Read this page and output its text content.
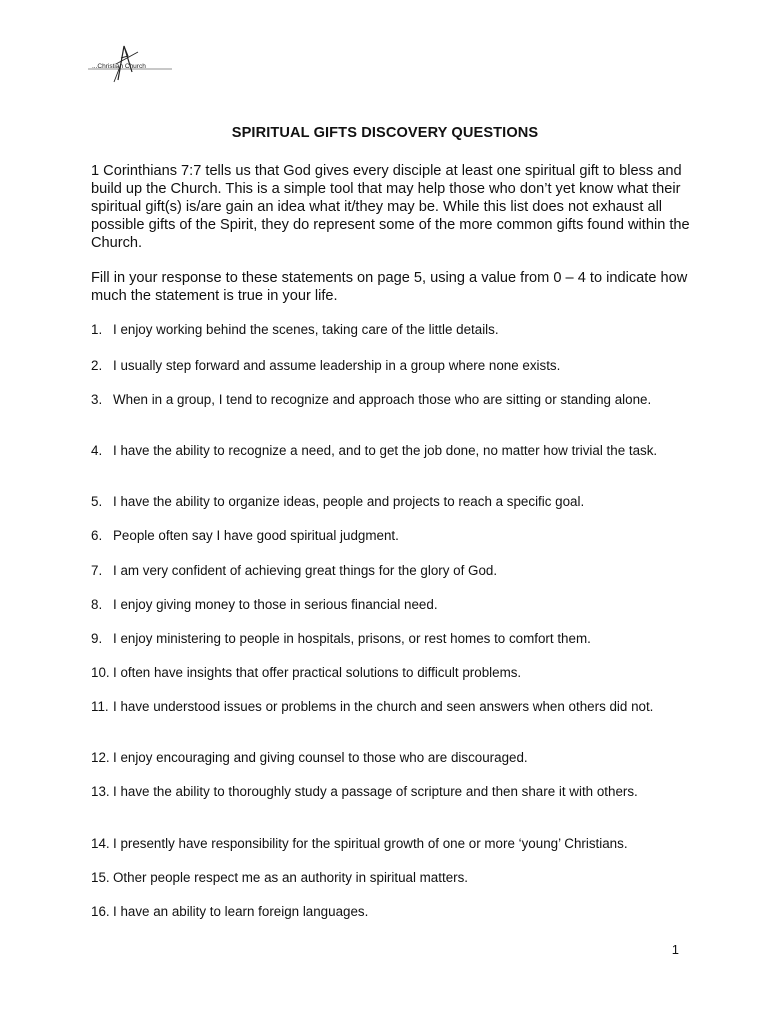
...Christian Church
SPIRITUAL GIFTS DISCOVERY QUESTIONS

1 Corinthians 7:7 tells us that God gives every disciple at least one spiritual gift to bless and build up the Church. This is a simple tool that may help those who don’t yet know what their spiritual gift(s) is/are gain an idea what it/they may be. While this list does not exhaust all possible gifts of the Spirit, they do represent some of the more common gifts found within the Church.

Fill in your response to these statements on page 5, using a value from 0 – 4 to indicate how much the statement is true in your life.

1. I enjoy working behind the scenes, taking care of the little details.
2. I usually step forward and assume leadership in a group where none exists.
3. When in a group, I tend to recognize and approach those who are sitting or standing alone.
4. I have the ability to recognize a need, and to get the job done, no matter how trivial the task.
5. I have the ability to organize ideas, people and projects to reach a specific goal.
6. People often say I have good spiritual judgment.
7. I am very confident of achieving great things for the glory of God.
8. I enjoy giving money to those in serious financial need.
9. I enjoy ministering to people in hospitals, prisons, or rest homes to comfort them.
10. I often have insights that offer practical solutions to difficult problems.
11. I have understood issues or problems in the church and seen answers when others did not.
12. I enjoy encouraging and giving counsel to those who are discouraged.
13. I have the ability to thoroughly study a passage of scripture and then share it with others.
14. I presently have responsibility for the spiritual growth of one or more ‘young’ Christians.
15. Other people respect me as an authority in spiritual matters.
16. I have an ability to learn foreign languages.
1
